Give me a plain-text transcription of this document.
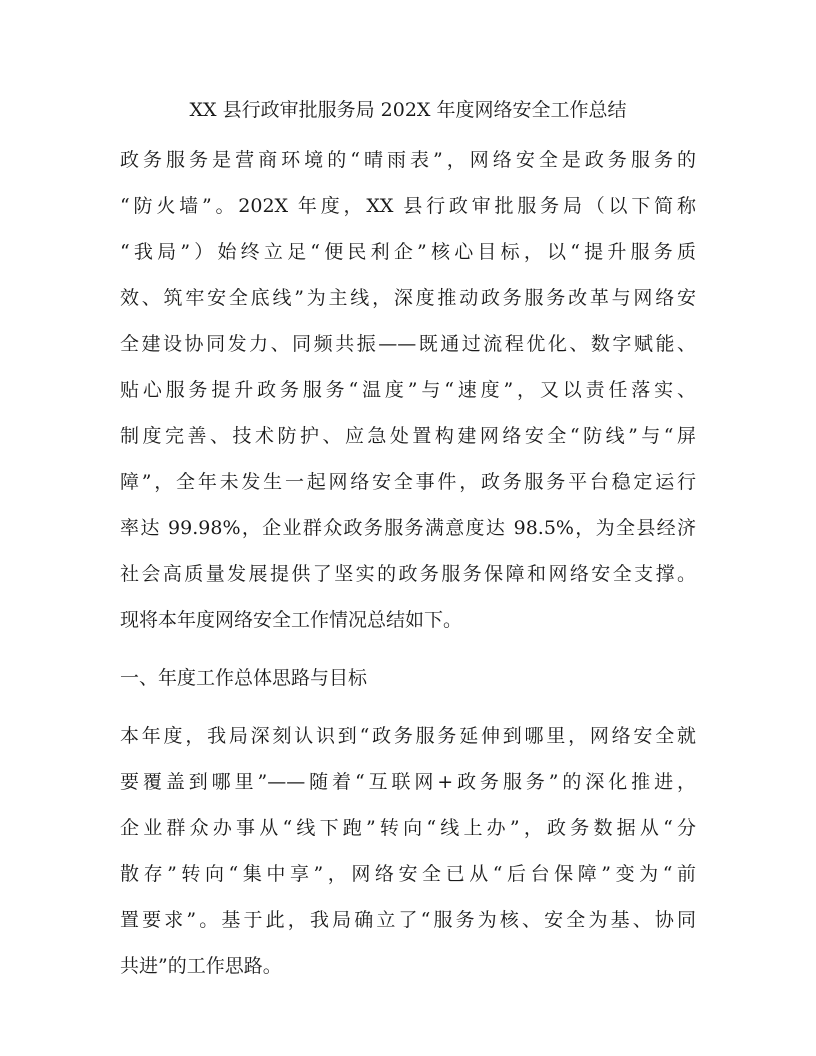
XX 县行政审批服务局 202X 年度网络安全工作总结
政务服务是营商环境的“晴雨表”，网络安全是政务服务的
“防火墙”。202X 年度，XX 县行政审批服务局（以下简称
“我局”）始终立足“便民利企”核心目标，以“提升服务质
效、筑牢安全底线”为主线，深度推动政务服务改革与网络安
全建设协同发力、同频共振——既通过流程优化、数字赋能、
贴心服务提升政务服务“温度”与“速度”，又以责任落实、
制度完善、技术防护、应急处置构建网络安全“防线”与“屏
障”，全年未发生一起网络安全事件，政务服务平台稳定运行
率达 99.98%，企业群众政务服务满意度达 98.5%，为全县经济
社会高质量发展提供了坚实的政务服务保障和网络安全支撑。
现将本年度网络安全工作情况总结如下。
一、年度工作总体思路与目标
本年度，我局深刻认识到“政务服务延伸到哪里，网络安全就
要覆盖到哪里”——随着“互联网+政务服务”的深化推进，
企业群众办事从“线下跑”转向“线上办”，政务数据从“分
散存”转向“集中享”，网络安全已从“后台保障”变为“前
置要求”。基于此，我局确立了“服务为核、安全为基、协同
共进”的工作思路。
